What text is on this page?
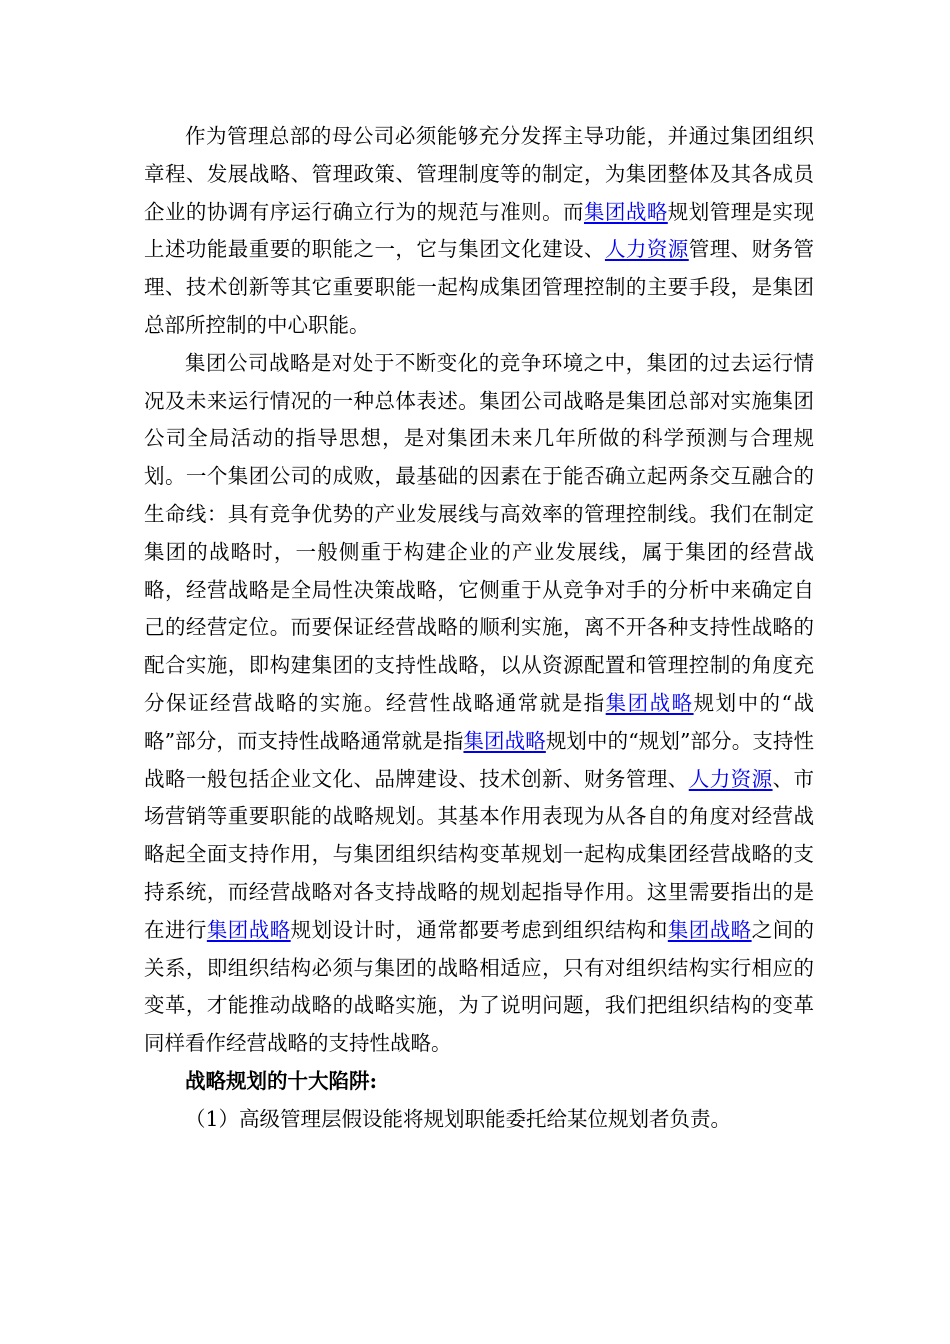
作为管理总部的母公司必须能够充分发挥主导功能，并通过集团组织章程、发展战略、管理政策、管理制度等的制定，为集团整体及其各成员企业的协调有序运行确立行为的规范与准则。而集团战略规划管理是实现上述功能最重要的职能之一，它与集团文化建设、人力资源管理、财务管理、技术创新等其它重要职能一起构成集团管理控制的主要手段，是集团总部所控制的中心职能。

集团公司战略是对处于不断变化的竞争环境之中，集团的过去运行情况及未来运行情况的一种总体表述。集团公司战略是集团总部对实施集团公司全局活动的指导思想，是对集团未来几年所做的科学预测与合理规划。一个集团公司的成败，最基础的因素在于能否确立起两条交互融合的生命线：具有竞争优势的产业发展线与高效率的管理控制线。我们在制定集团的战略时，一般侧重于构建企业的产业发展线，属于集团的经营战略，经营战略是全局性决策战略，它侧重于从竞争对手的分析中来确定自己的经营定位。而要保证经营战略的顺利实施，离不开各种支持性战略的配合实施，即构建集团的支持性战略，以从资源配置和管理控制的角度充分保证经营战略的实施。经营性战略通常就是指集团战略规划中的“战略”部分，而支持性战略通常就是指集团战略规划中的“规划”部分。支持性战略一般包括企业文化、品牌建设、技术创新、财务管理、人力资源、市场营销等重要职能的战略规划。其基本作用表现为从各自的角度对经营战略起全面支持作用，与集团组织结构变革规划一起构成集团经营战略的支持系统，而经营战略对各支持战略的规划起指导作用。这里需要指出的是在进行集团战略规划设计时，通常都要考虑到组织结构和集团战略之间的关系，即组织结构必须与集团的战略相适应，只有对组织结构实行相应的变革，才能推动战略的战略实施，为了说明问题，我们把组织结构的变革同样看作经营战略的支持性战略。

战略规划的十大陷阱:

（1）高级管理层假设能将规划职能委托给某位规划者负责。
